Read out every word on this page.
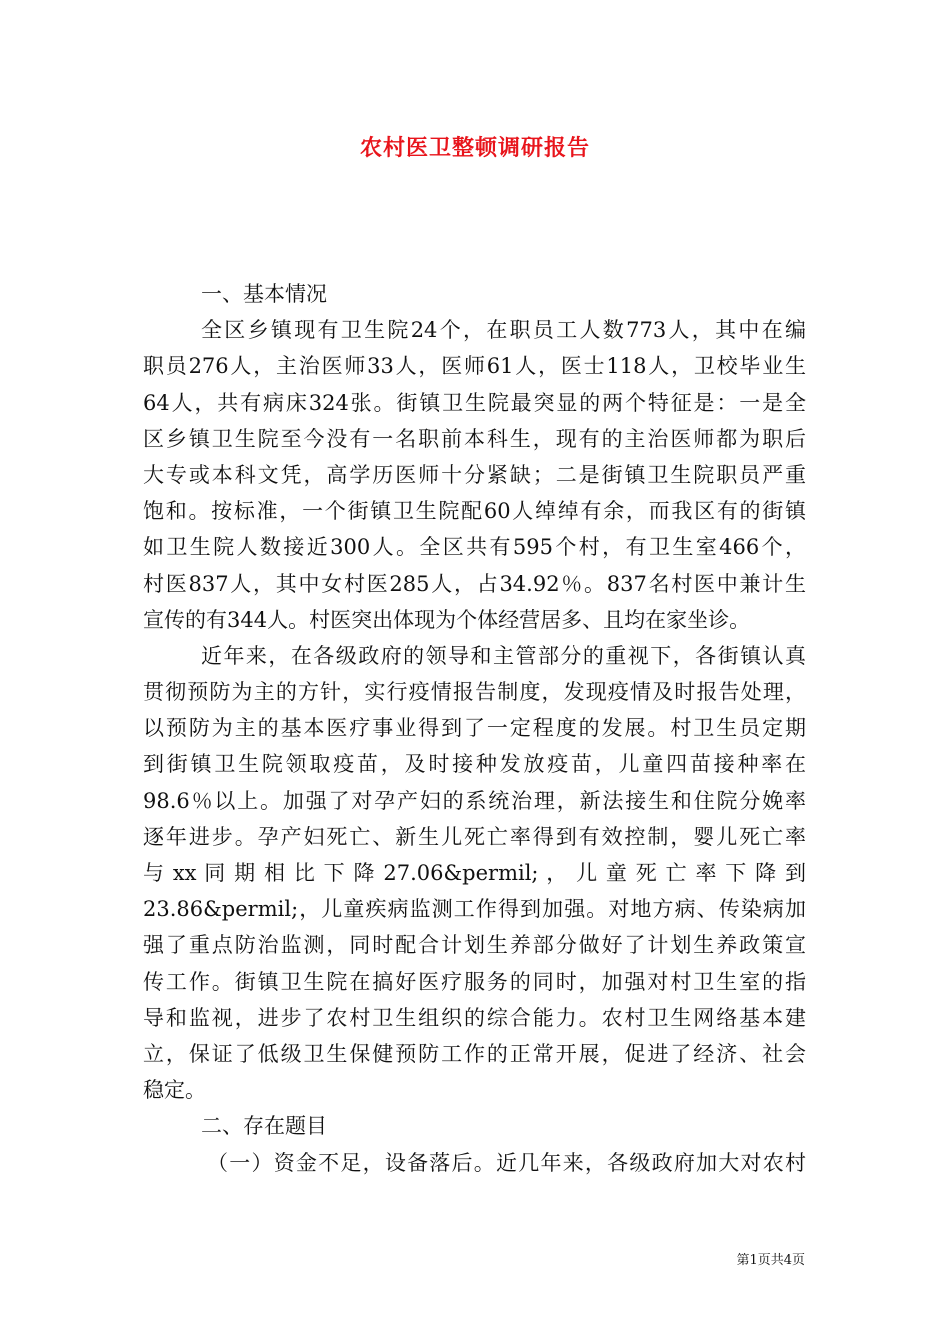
农村医卫整顿调研报告
一、基本情况
全区乡镇现有卫生院24个，在职员工人数773人，其中在编
职员276人，主治医师33人，医师61人，医士118人，卫校毕业生
64人，共有病床324张。街镇卫生院最突显的两个特征是：一是全
区乡镇卫生院至今没有一名职前本科生，现有的主治医师都为职后
大专或本科文凭，高学历医师十分紧缺；二是街镇卫生院职员严重
饱和。按标准，一个街镇卫生院配60人绰绰有余，而我区有的街镇
如卫生院人数接近300人。全区共有595个村，有卫生室466个，
村医837人，其中女村医285人，占34.92％。837名村医中兼计生
宣传的有344人。村医突出体现为个体经营居多、且均在家坐诊。
近年来，在各级政府的领导和主管部分的重视下，各街镇认真
贯彻预防为主的方针，实行疫情报告制度，发现疫情及时报告处理，
以预防为主的基本医疗事业得到了一定程度的发展。村卫生员定期
到街镇卫生院领取疫苗，及时接种发放疫苗，儿童四苗接种率在
98.6％以上。加强了对孕产妇的系统治理，新法接生和住院分娩率
逐年进步。孕产妇死亡、新生儿死亡率得到有效控制，婴儿死亡率
与 xx 同 期 相 比 下 降 27.06&permil; ， 儿 童 死 亡 率 下 降 到
23.86&permil;，儿童疾病监测工作得到加强。对地方病、传染病加
强了重点防治监测，同时配合计划生养部分做好了计划生养政策宣
传工作。街镇卫生院在搞好医疗服务的同时，加强对村卫生室的指
导和监视，进步了农村卫生组织的综合能力。农村卫生网络基本建
立，保证了低级卫生保健预防工作的正常开展，促进了经济、社会
稳定。
二、存在题目
（一）资金不足，设备落后。近几年来，各级政府加大对农村
第1页共4页
